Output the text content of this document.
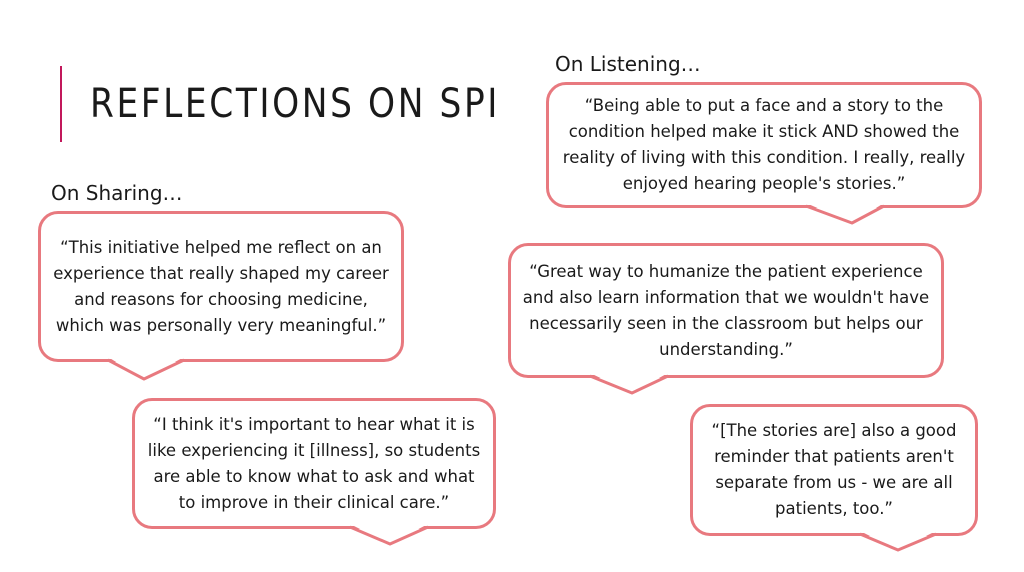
REFLECTIONS ON SPI
On Sharing…
On Listening…

“This initiative helped me reflect on an experience that really shaped my career and reasons for choosing medicine, which was personally very meaningful.”

“I think it's important to hear what it is like experiencing it [illness], so students are able to know what to ask and what to improve in their clinical care.”

“Being able to put a face and a story to the condition helped make it stick AND showed the reality of living with this condition. I really, really enjoyed hearing people's stories.”

“Great way to humanize the patient experience and also learn information that we wouldn't have necessarily seen in the classroom but helps our understanding.”

“[The stories are] also a good reminder that patients aren't separate from us - we are all patients, too.”
